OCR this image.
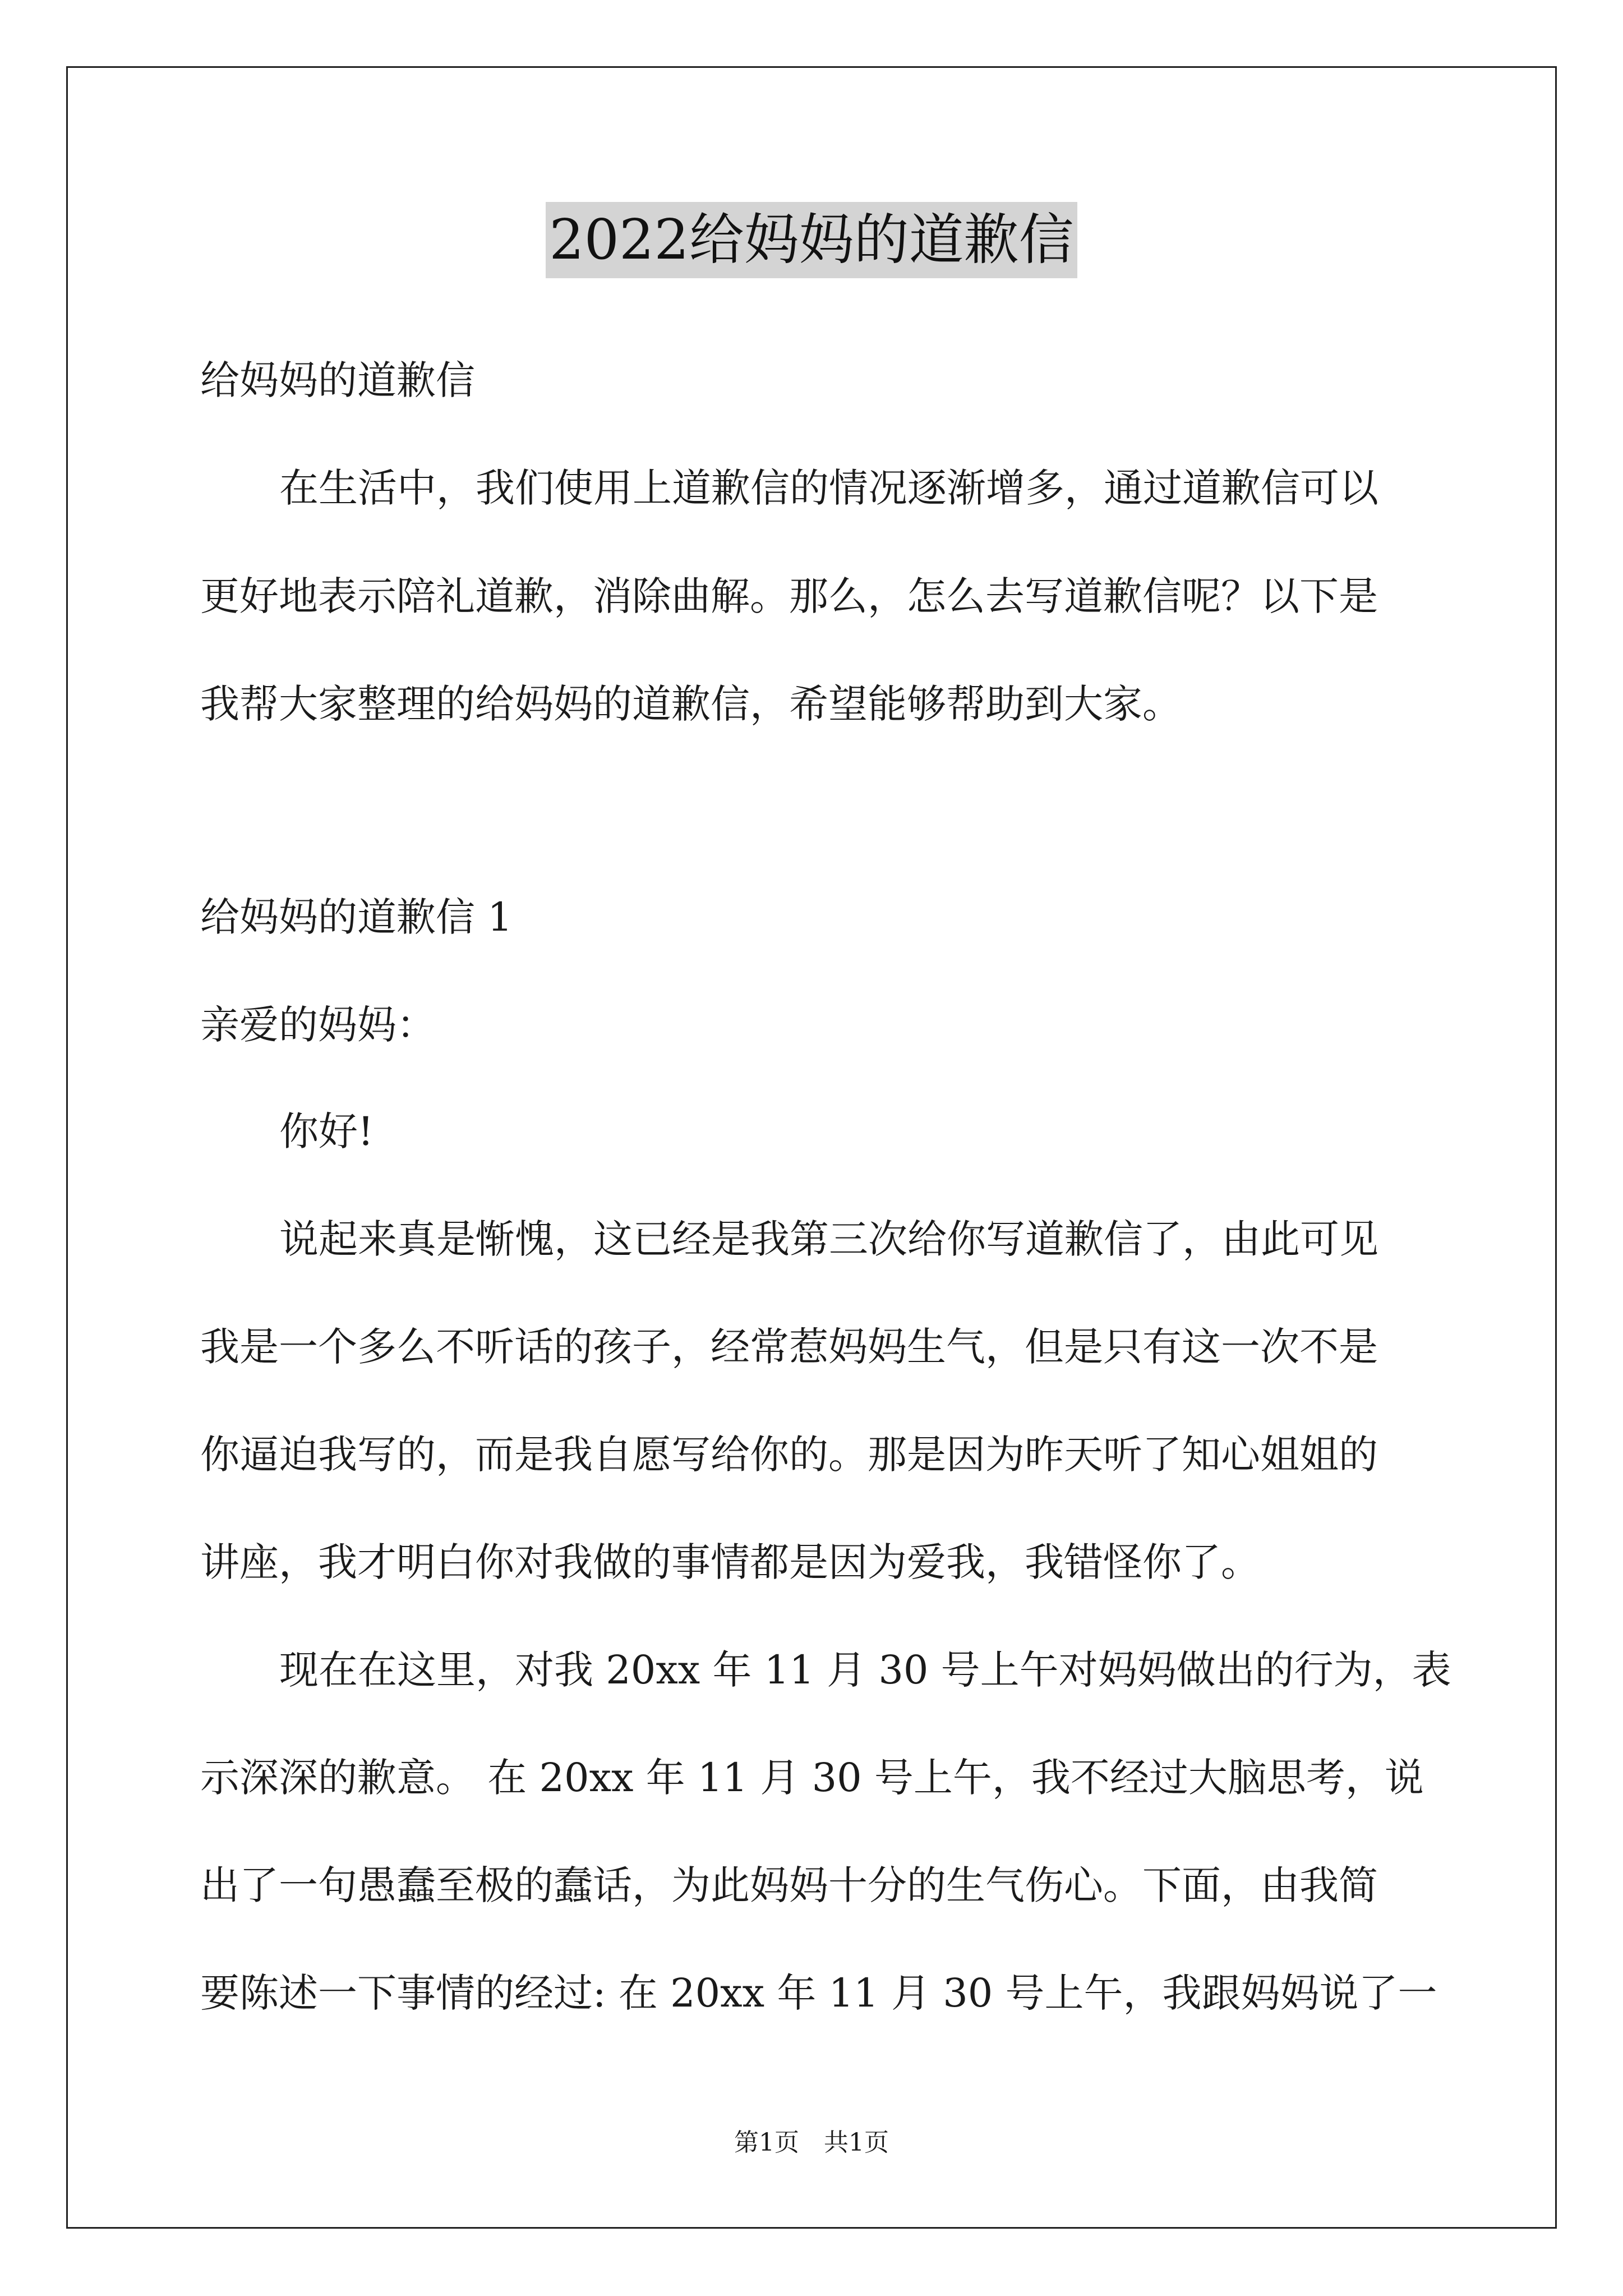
2022给妈妈的道歉信
给妈妈的道歉信
在生活中，我们使用上道歉信的情况逐渐增多，通过道歉信可以
更好地表示陪礼道歉，消除曲解。那么，怎么去写道歉信呢？以下是
我帮大家整理的给妈妈的道歉信，希望能够帮助到大家。
给妈妈的道歉信 1
亲爱的妈妈：
你好!
说起来真是惭愧，这已经是我第三次给你写道歉信了，由此可见
我是一个多么不听话的孩子，经常惹妈妈生气，但是只有这一次不是
你逼迫我写的，而是我自愿写给你的。那是因为昨天听了知心姐姐的
讲座，我才明白你对我做的事情都是因为爱我，我错怪你了。
现在在这里，对我 20xx 年 11 月 30 号上午对妈妈做出的行为，表
示深深的歉意。 在 20xx 年 11 月 30 号上午，我不经过大脑思考，说
出了一句愚蠢至极的蠢话，为此妈妈十分的生气伤心。下面，由我简
要陈述一下事情的经过: 在 20xx 年 11 月 30 号上午，我跟妈妈说了一
第1页　共1页
